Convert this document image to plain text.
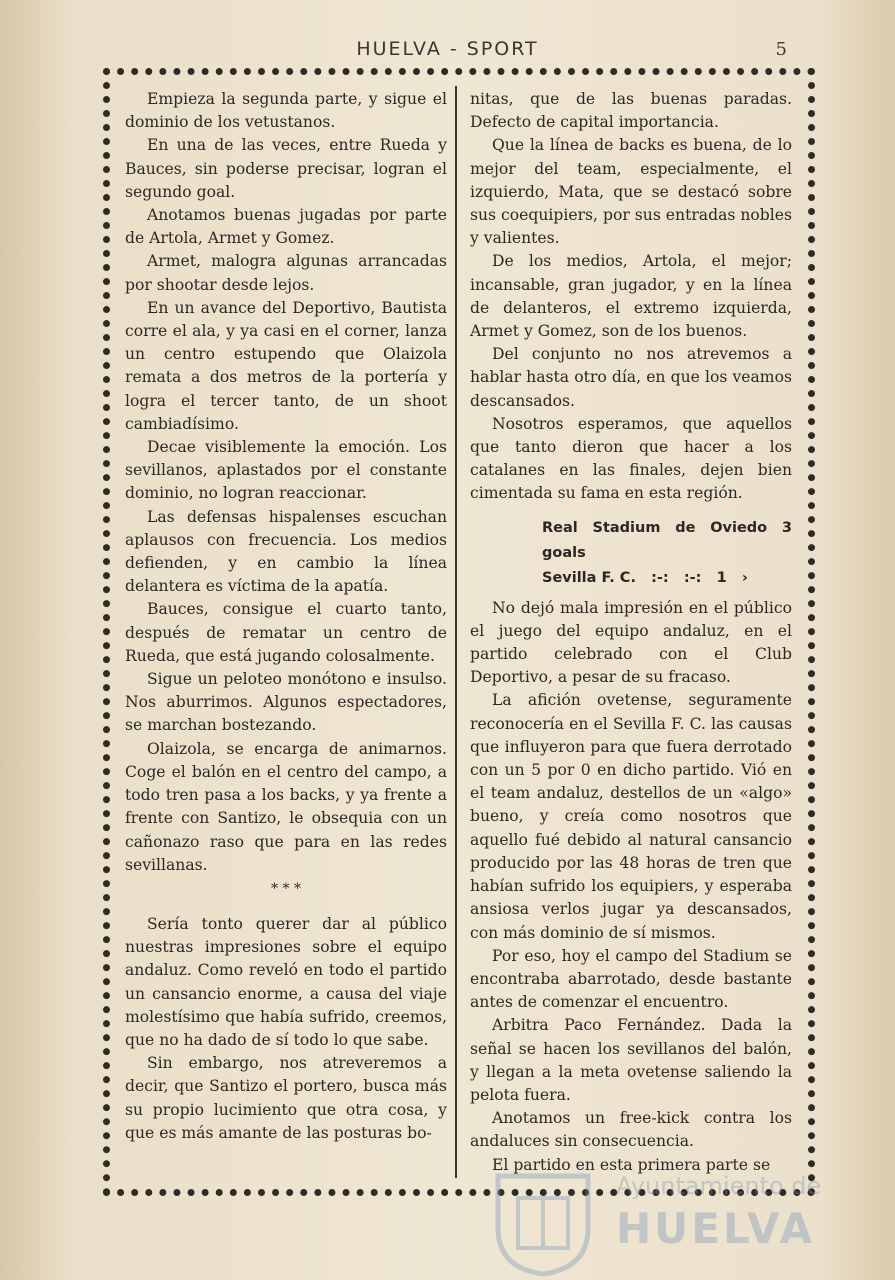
HUELVA - SPORT	5

Empieza la segunda parte, y sigue el dominio de los vetustanos.

En una de las veces, entre Rueda y Bauces, sin poderse precisar, logran el segundo goal.

Anotamos buenas jugadas por parte de Artola, Armet y Gomez.

Armet, malogra algunas arrancadas por shootar desde lejos.

En un avance del Deportivo, Bautista corre el ala, y ya casi en el corner, lanza un centro estupendo que Olaizola remata a dos metros de la portería y logra el tercer tanto, de un shoot cambiadísimo.

Decae visiblemente la emoción. Los sevillanos, aplastados por el constante dominio, no logran reaccionar.

Las defensas hispalenses escuchan aplausos con frecuencia. Los medios defienden, y en cambio la línea delantera es víctima de la apatía.

Bauces, consigue el cuarto tanto, después de rematar un centro de Rueda, que está jugando colosalmente.

Sigue un peloteo monótono e insulso. Nos aburrimos. Algunos espectadores, se marchan bostezando.

Olaizola, se encarga de animarnos. Coge el balón en el centro del campo, a todo tren pasa a los backs, y ya frente a frente con Santizo, le obsequia con un cañonazo raso que para en las redes sevillanas.

* * *

Sería tonto querer dar al público nuestras impresiones sobre el equipo andaluz. Como reveló en todo el partido un cansancio enorme, a causa del viaje molestísimo que había sufrido, creemos, que no ha dado de sí todo lo que sabe.

Sin embargo, nos atreveremos a decir, que Santizo el portero, busca más su propio lucimiento que otra cosa, y que es más amante de las posturas bo-

nitas, que de las buenas paradas. Defecto de capital importancia.

Que la línea de backs es buena, de lo mejor del team, especialmente, el izquierdo, Mata, que se destacó sobre sus coequipiers, por sus entradas nobles y valientes.

De los medios, Artola, el mejor; incansable, gran jugador, y en la línea de delanteros, el extremo izquierda, Armet y Gomez, son de los buenos.

Del conjunto no nos atrevemos a hablar hasta otro día, en que los veamos descansados.

Nosotros esperamos, que aquellos que tanto dieron que hacer a los catalanes en las finales, dejen bien cimentada su fama en esta región.

Real Stadium de Oviedo 3 goals
Sevilla F. C.   :-:   :-:   1   ›

No dejó mala impresión en el público el juego del equipo andaluz, en el partido celebrado con el Club Deportivo, a pesar de su fracaso.

La afición ovetense, seguramente reconocería en el Sevilla F. C. las causas que influyeron para que fuera derrotado con un 5 por 0 en dicho partido. Vió en el team andaluz, destellos de un «algo» bueno, y creía como nosotros que aquello fué debido al natural cansancio producido por las 48 horas de tren que habían sufrido los equipiers, y esperaba ansiosa verlos jugar ya descansados, con más dominio de sí mismos.

Por eso, hoy el campo del Stadium se encontraba abarrotado, desde bastante antes de comenzar el encuentro.

Arbitra Paco Fernández. Dada la señal se hacen los sevillanos del balón, y llegan a la meta ovetense saliendo la pelota fuera.

Anotamos un free-kick contra los andaluces sin consecuencia.

El partido en esta primera parte se

Ayuntamiento de
HUELVA
